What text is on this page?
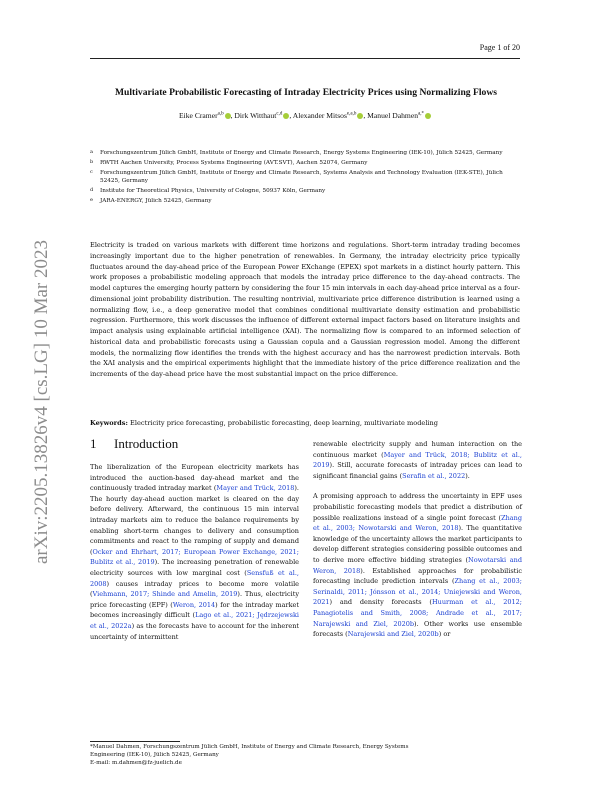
arXiv:2205.13826v4 [cs.LG] 10 Mar 2023
Page 1 of 20
Multivariate Probabilistic Forecasting of Intraday Electricity Prices using Normalizing Flows
Eike Cramer$^{a,b}$ , Dirk Witthaut$^{c,d}$ , Alexander Mitsos$^{e,a,b}$ , Manuel Dahmen$^{a,*}$
a Forschungszentrum Jülich GmbH, Institute of Energy and Climate Research, Energy Systems Engineering (IEK-10), Jülich 52425, Germany
b RWTH Aachen University, Process Systems Engineering (AVT.SVT), Aachen 52074, Germany
c Forschungszentrum Jülich GmbH, Institute of Energy and Climate Research, Systems Analysis and Technology Evaluation (IEK-STE), Jülich 52425, Germany
d Institute for Theoretical Physics, University of Cologne, 50937 Köln, Germany
e JARA-ENERGY, Jülich 52425, Germany
Electricity is traded on various markets with different time horizons and regulations. Short-term intraday trading becomes increasingly important due to the higher penetration of renewables. In Germany, the intraday electricity price typically fluctuates around the day-ahead price of the European Power EXchange (EPEX) spot markets in a distinct hourly pattern. This work proposes a probabilistic modeling approach that models the intraday price difference to the day-ahead contracts. The model captures the emerging hourly pattern by considering the four 15 min intervals in each day-ahead price interval as a four-dimensional joint probability distribution. The resulting nontrivial, multivariate price difference distribution is learned using a normalizing flow, i.e., a deep generative model that combines conditional multivariate density estimation and probabilistic regression. Furthermore, this work discusses the influence of different external impact factors based on literature insights and impact analysis using explainable artificial intelligence (XAI). The normalizing flow is compared to an informed selection of historical data and probabilistic forecasts using a Gaussian copula and a Gaussian regression model. Among the different models, the normalizing flow identifies the trends with the highest accuracy and has the narrowest prediction intervals. Both the XAI analysis and the empirical experiments highlight that the immediate history of the price difference realization and the increments of the day-ahead price have the most substantial impact on the price difference.
Keywords: Electricity price forecasting, probabilistic forecasting, deep learning, multivariate modeling
1 Introduction

The liberalization of the European electricity markets has introduced the auction-based day-ahead market and the continuously traded intraday market (Mayer and Trück, 2018). The hourly day-ahead auction market is cleared on the day before delivery. Afterward, the continuous 15 min interval intraday markets aim to reduce the balance requirements by enabling short-term changes to delivery and consumption commitments and react to the ramping of supply and demand (Ocker and Ehrhart, 2017; European Power Exchange, 2021; Bublitz et al., 2019). The increasing penetration of renewable electricity sources with low marginal cost (Sensfuß et al., 2008) causes intraday prices to become more volatile (Viehmann, 2017; Shinde and Amelin, 2019). Thus, electricity price forecasting (EPF) (Weron, 2014) for the intraday market becomes increasingly difficult (Lago et al., 2021; Jędrzejewski et al., 2022a) as the forecasts have to account for the inherent uncertainty of intermittent

renewable electricity supply and human interaction on the continuous market (Mayer and Trück, 2018; Bublitz et al., 2019). Still, accurate forecasts of intraday prices can lead to significant financial gains (Serafin et al., 2022).

A promising approach to address the uncertainty in EPF uses probabilistic forecasting models that predict a distribution of possible realizations instead of a single point forecast (Zhang et al., 2003; Nowotarski and Weron, 2018). The quantitative knowledge of the uncertainty allows the market participants to develop different strategies considering possible outcomes and to derive more effective bidding strategies (Nowotarski and Weron, 2018). Established approaches for probabilistic forecasting include prediction intervals (Zhang et al., 2003; Serinaldi, 2011; Jónsson et al., 2014; Uniejewski and Weron, 2021) and density forecasts (Huurman et al., 2012; Panagiotelis and Smith, 2008; Andrade et al., 2017; Narajewski and Ziel, 2020b). Other works use ensemble forecasts (Narajewski and Ziel, 2020b) or

*Manuel Dahmen, Forschungszentrum Jülich GmbH, Institute of Energy and Climate Research, Energy Systems
Engineering (IEK-10), Jülich 52425, Germany
E-mail: m.dahmen@fz-juelich.de
